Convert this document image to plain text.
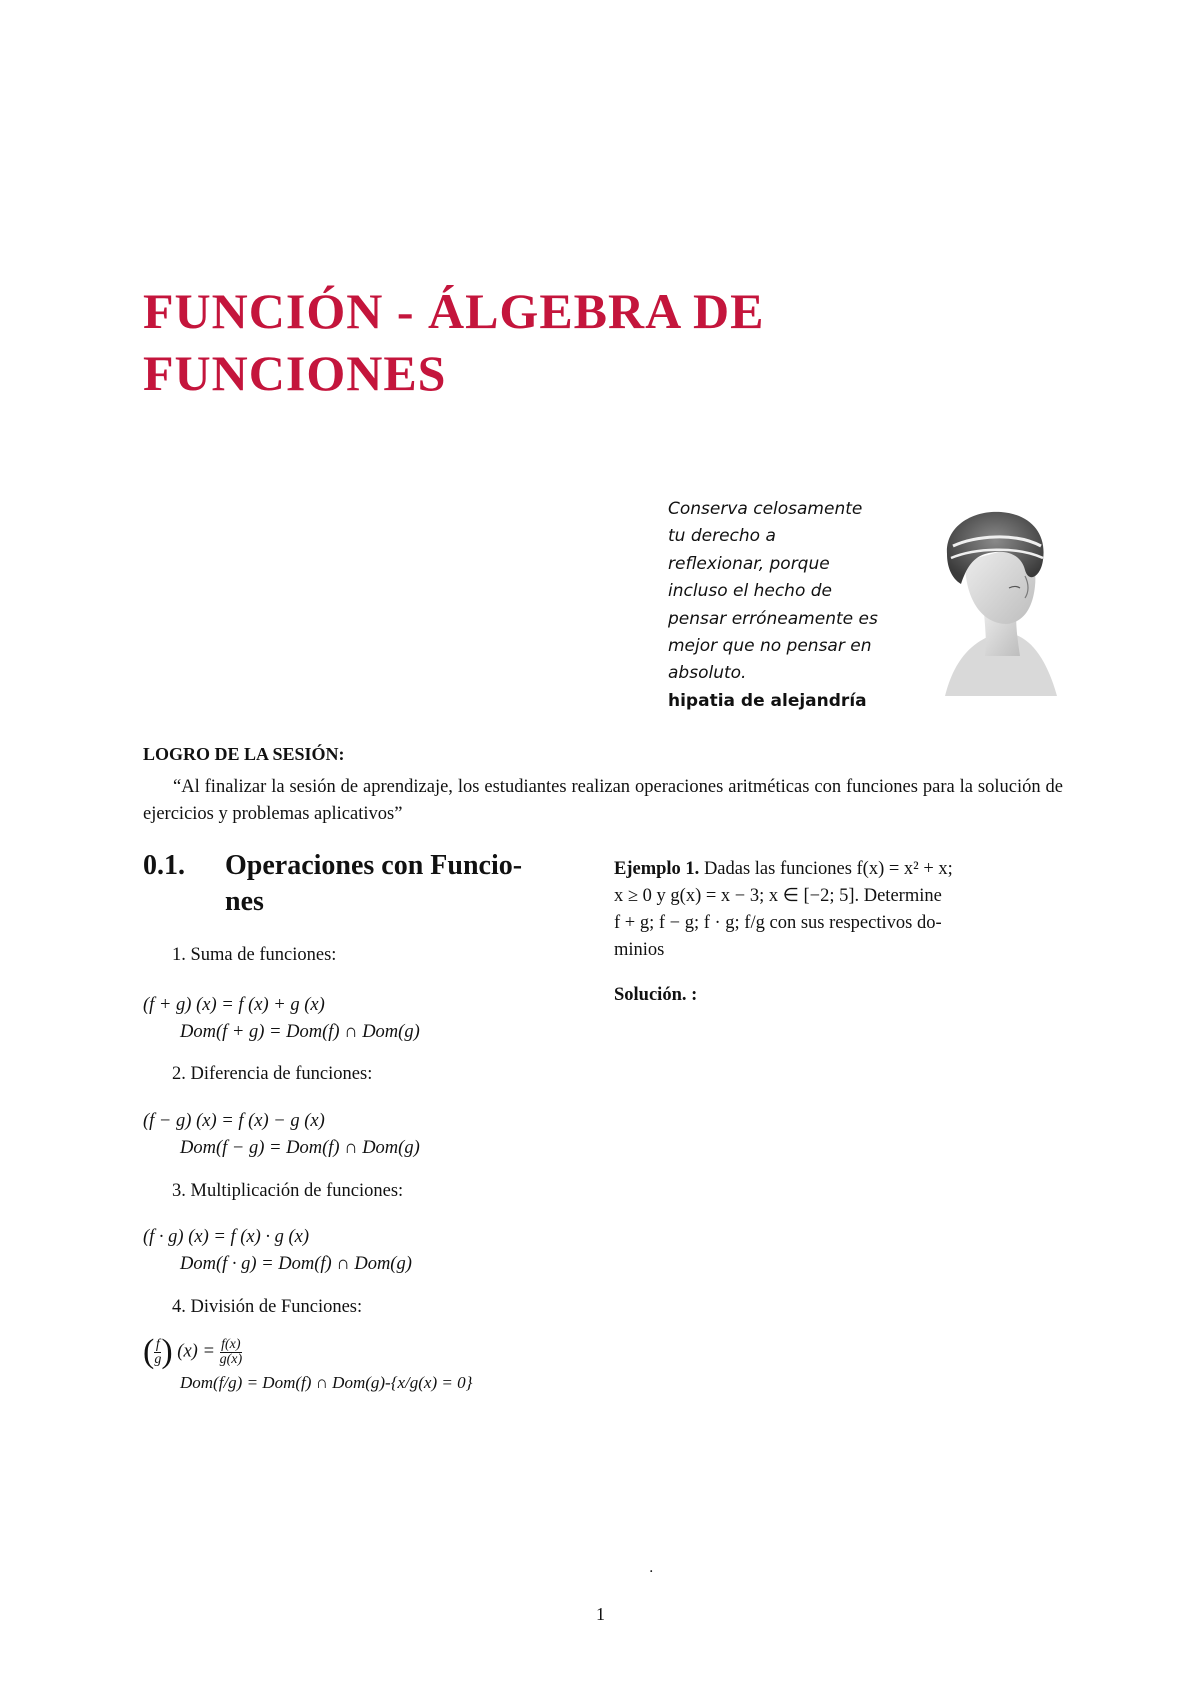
FUNCIÓN - ÁLGEBRA DE
FUNCIONES
Conserva celosamente
tu derecho a
reflexionar, porque
incluso el hecho de
pensar erróneamente es
mejor que no pensar en
absoluto.
hipatia de alejandría
LOGRO DE LA SESIÓN:
“Al finalizar la sesión de aprendizaje, los estudiantes realizan operaciones aritméticas con funciones para la solución de ejercicios y problemas aplicativos”
0.1. Operaciones con Funcio-
nes
1. Suma de funciones:
(f + g) (x) = f (x) + g (x)
Dom(f + g) = Dom(f) ∩ Dom(g)
2. Diferencia de funciones:
(f − g) (x) = f (x) − g (x)
Dom(f − g) = Dom(f) ∩ Dom(g)
3. Multiplicación de funciones:
(f · g) (x) = f (x) · g (x)
Dom(f · g) = Dom(f) ∩ Dom(g)
4. División de Funciones:
( $\frac{f}{g}$ ) $(x) = \frac{f(x)}{g(x)}$
Dom(f/g) = Dom(f) ∩ Dom(g)-{x/g(x) = 0}
Ejemplo 1. Dadas las funciones f(x) = x² + x;
x ≥ 0 y g(x) = x − 3; x ∈ [−2; 5]. Determine
f + g; f − g; f · g; f/g con sus respectivos do-
minios
Solución. :
.
1
